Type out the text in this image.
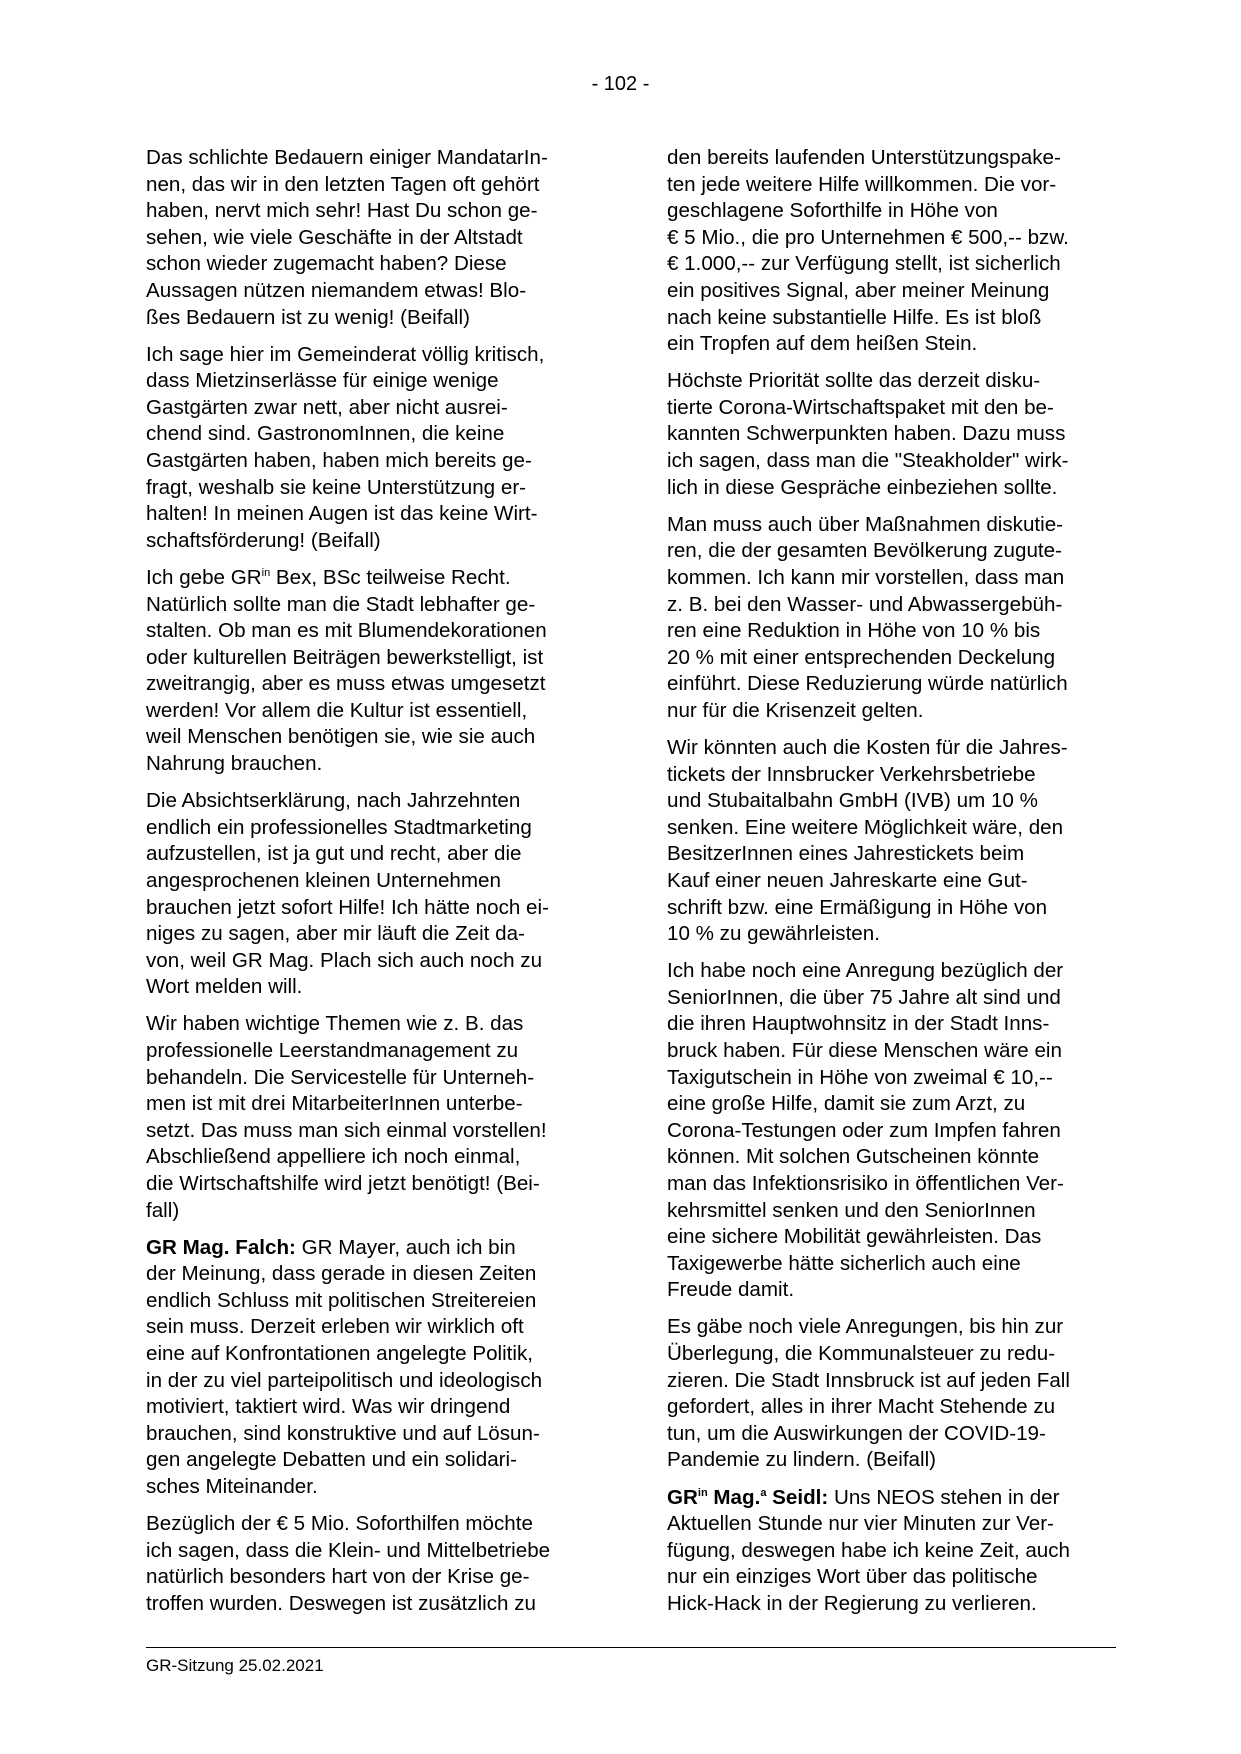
- 102 -

Das schlichte Bedauern einiger MandatarIn-
nen, das wir in den letzten Tagen oft gehört
haben, nervt mich sehr! Hast Du schon ge-
sehen, wie viele Geschäfte in der Altstadt
schon wieder zugemacht haben? Diese
Aussagen nützen niemandem etwas! Blo-
ßes Bedauern ist zu wenig! (Beifall)

Ich sage hier im Gemeinderat völlig kritisch,
dass Mietzinserlässe für einige wenige
Gastgärten zwar nett, aber nicht ausrei-
chend sind. GastronomInnen, die keine
Gastgärten haben, haben mich bereits ge-
fragt, weshalb sie keine Unterstützung er-
halten! In meinen Augen ist das keine Wirt-
schaftsförderung! (Beifall)

Ich gebe $GR^{in}$ Bex, BSc teilweise Recht.
Natürlich sollte man die Stadt lebhafter ge-
stalten. Ob man es mit Blumendekorationen
oder kulturellen Beiträgen bewerkstelligt, ist
zweitrangig, aber es muss etwas umgesetzt
werden! Vor allem die Kultur ist essentiell,
weil Menschen benötigen sie, wie sie auch
Nahrung brauchen.

Die Absichtserklärung, nach Jahrzehnten
endlich ein professionelles Stadtmarketing
aufzustellen, ist ja gut und recht, aber die
angesprochenen kleinen Unternehmen
brauchen jetzt sofort Hilfe! Ich hätte noch ei-
niges zu sagen, aber mir läuft die Zeit da-
von, weil GR Mag. Plach sich auch noch zu
Wort melden will.

Wir haben wichtige Themen wie z. B. das
professionelle Leerstandmanagement zu
behandeln. Die Servicestelle für Unterneh-
men ist mit drei MitarbeiterInnen unterbe-
setzt. Das muss man sich einmal vorstellen!
Abschließend appelliere ich noch einmal,
die Wirtschaftshilfe wird jetzt benötigt! (Bei-
fall)

GR Mag. Falch: GR Mayer, auch ich bin
der Meinung, dass gerade in diesen Zeiten
endlich Schluss mit politischen Streitereien
sein muss. Derzeit erleben wir wirklich oft
eine auf Konfrontationen angelegte Politik,
in der zu viel parteipolitisch und ideologisch
motiviert, taktiert wird. Was wir dringend
brauchen, sind konstruktive und auf Lösun-
gen angelegte Debatten und ein solidari-
sches Miteinander.

Bezüglich der € 5 Mio. Soforthilfen möchte
ich sagen, dass die Klein- und Mittelbetriebe
natürlich besonders hart von der Krise ge-
troffen wurden. Deswegen ist zusätzlich zu

den bereits laufenden Unterstützungspake-
ten jede weitere Hilfe willkommen. Die vor-
geschlagene Soforthilfe in Höhe von
€ 5 Mio., die pro Unternehmen € 500,-- bzw.
€ 1.000,-- zur Verfügung stellt, ist sicherlich
ein positives Signal, aber meiner Meinung
nach keine substantielle Hilfe. Es ist bloß
ein Tropfen auf dem heißen Stein.

Höchste Priorität sollte das derzeit disku-
tierte Corona-Wirtschaftspaket mit den be-
kannten Schwerpunkten haben. Dazu muss
ich sagen, dass man die "Steakholder" wirk-
lich in diese Gespräche einbeziehen sollte.

Man muss auch über Maßnahmen diskutie-
ren, die der gesamten Bevölkerung zugute-
kommen. Ich kann mir vorstellen, dass man
z. B. bei den Wasser- und Abwassergebüh-
ren eine Reduktion in Höhe von 10 % bis
20 % mit einer entsprechenden Deckelung
einführt. Diese Reduzierung würde natürlich
nur für die Krisenzeit gelten.

Wir könnten auch die Kosten für die Jahres-
tickets der Innsbrucker Verkehrsbetriebe
und Stubaitalbahn GmbH (IVB) um 10 %
senken. Eine weitere Möglichkeit wäre, den
BesitzerInnen eines Jahrestickets beim
Kauf einer neuen Jahreskarte eine Gut-
schrift bzw. eine Ermäßigung in Höhe von
10 % zu gewährleisten.

Ich habe noch eine Anregung bezüglich der
SeniorInnen, die über 75 Jahre alt sind und
die ihren Hauptwohnsitz in der Stadt Inns-
bruck haben. Für diese Menschen wäre ein
Taxigutschein in Höhe von zweimal € 10,--
eine große Hilfe, damit sie zum Arzt, zu
Corona-Testungen oder zum Impfen fahren
können. Mit solchen Gutscheinen könnte
man das Infektionsrisiko in öffentlichen Ver-
kehrsmittel senken und den SeniorInnen
eine sichere Mobilität gewährleisten. Das
Taxigewerbe hätte sicherlich auch eine
Freude damit.

Es gäbe noch viele Anregungen, bis hin zur
Überlegung, die Kommunalsteuer zu redu-
zieren. Die Stadt Innsbruck ist auf jeden Fall
gefordert, alles in ihrer Macht Stehende zu
tun, um die Auswirkungen der COVID-19-
Pandemie zu lindern. (Beifall)

$GR^{in}$ Mag.$^a$ Seidl: Uns NEOS stehen in der
Aktuellen Stunde nur vier Minuten zur Ver-
fügung, deswegen habe ich keine Zeit, auch
nur ein einziges Wort über das politische
Hick-Hack in der Regierung zu verlieren.

GR-Sitzung 25.02.2021
